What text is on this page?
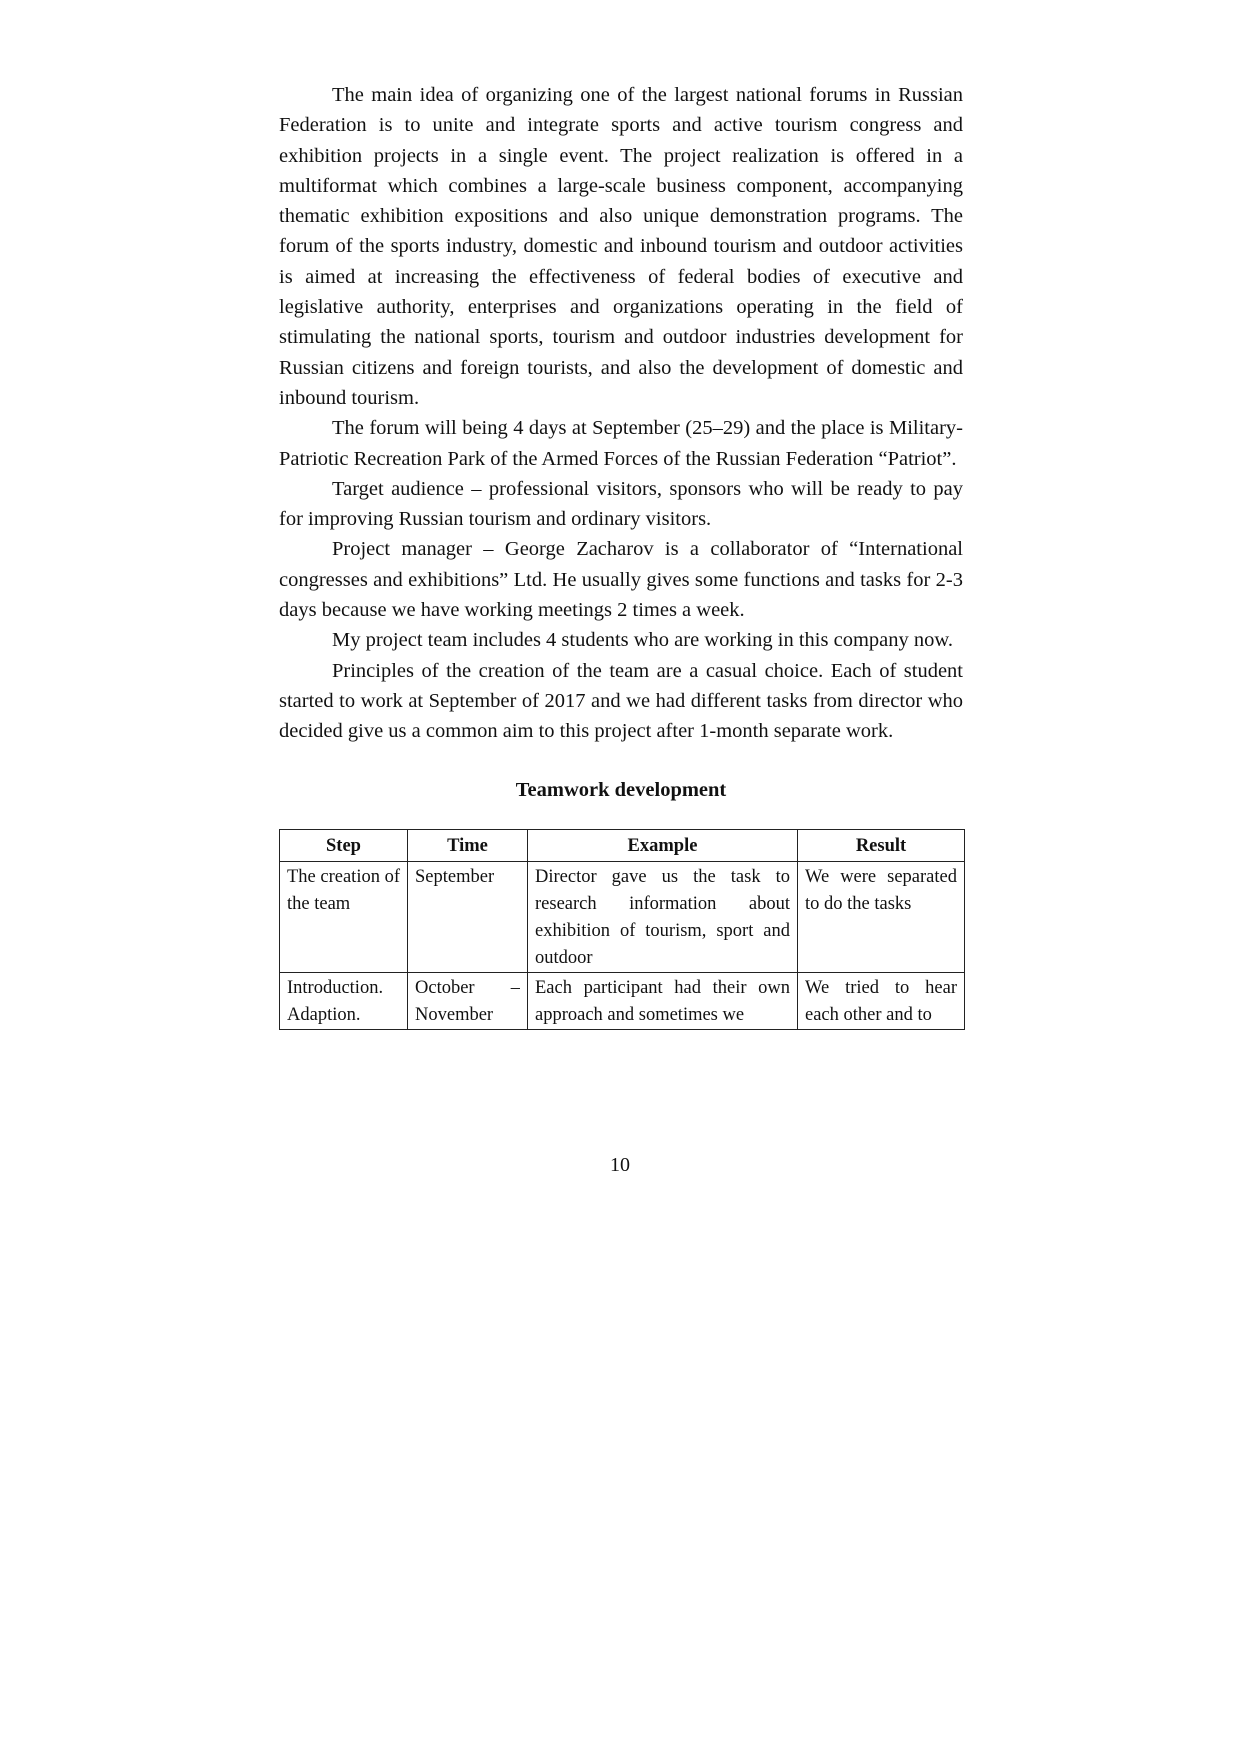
The main idea of organizing one of the largest national forums in Russian Federation is to unite and integrate sports and active tourism congress and exhibition projects in a single event. The project realization is offered in a multiformat which combines a large-scale business component, accompanying thematic exhibition expositions and also unique demonstration programs. The forum of the sports industry, domestic and inbound tourism and outdoor activities is aimed at increasing the effectiveness of federal bodies of executive and legislative authority, enterprises and organizations operating in the field of stimulating the national sports, tourism and outdoor industries development for Russian citizens and foreign tourists, and also the development of domestic and inbound tourism.

The forum will being 4 days at September (25–29) and the place is Military-Patriotic Recreation Park of the Armed Forces of the Russian Federation “Patriot”.

Target audience – professional visitors, sponsors who will be ready to pay for improving Russian tourism and ordinary visitors.

Project manager – George Zacharov is a collaborator of “International congresses and exhibitions” Ltd. He usually gives some functions and tasks for 2-3 days because we have working meetings 2 times a week.

My project team includes 4 students who are working in this company now.

Principles of the creation of the team are a casual choice. Each of student started to work at September of 2017 and we had different tasks from director who decided give us a common aim to this project after 1-month separate work.

Teamwork development
Step	Time	Example	Result
The creation of the team	September	Director gave us the task to research information about exhibition of tourism, sport and outdoor	We were separated to do the tasks

Introduction. Adaption.	October – November	Each participant had their own approach and sometimes we	We tried to hear each other and to
10
